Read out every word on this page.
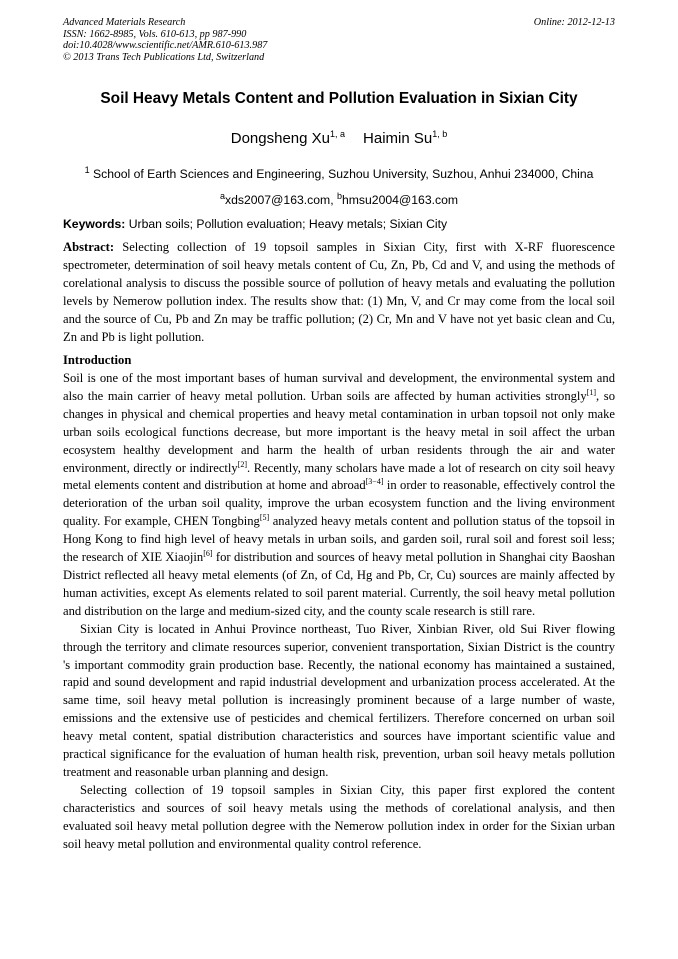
Advanced Materials Research
ISSN: 1662-8985, Vols. 610-613, pp 987-990
doi:10.4028/www.scientific.net/AMR.610-613.987
© 2013 Trans Tech Publications Ltd, Switzerland
Online: 2012-12-13
Soil Heavy Metals Content and Pollution Evaluation in Sixian City
Dongsheng Xu$^{1, a}$ Haimin Su$^{1, b}$
$^1$ School of Earth Sciences and Engineering, Suzhou University, Suzhou, Anhui 234000, China
$^a$xds2007@163.com, $^b$hmsu2004@163.com
Keywords: Urban soils; Pollution evaluation; Heavy metals; Sixian City
Abstract: Selecting collection of 19 topsoil samples in Sixian City, first with X-RF fluorescence spectrometer, determination of soil heavy metals content of Cu, Zn, Pb, Cd and V, and using the methods of corelational analysis to discuss the possible source of pollution of heavy metals and evaluating the pollution levels by Nemerow pollution index. The results show that: (1) Mn, V, and Cr may come from the local soil and the source of Cu, Pb and Zn may be traffic pollution; (2) Cr, Mn and V have not yet basic clean and Cu, Zn and Pb is light pollution.
Introduction

Soil is one of the most important bases of human survival and development, the environmental system and also the main carrier of heavy metal pollution. Urban soils are affected by human activities strongly[1], so changes in physical and chemical properties and heavy metal contamination in urban topsoil not only make urban soils ecological functions decrease, but more important is the heavy metal in soil affect the urban ecosystem healthy development and harm the health of urban residents through the air and water environment, directly or indirectly[2]. Recently, many scholars have made a lot of research on city soil heavy metal elements content and distribution at home and abroad[3−4] in order to reasonable, effectively control the deterioration of the urban soil quality, improve the urban ecosystem function and the living environment quality. For example, CHEN Tongbing[5] analyzed heavy metals content and pollution status of the topsoil in Hong Kong to find high level of heavy metals in urban soils, and garden soil, rural soil and forest soil less; the research of XIE Xiaojin[6] for distribution and sources of heavy metal pollution in Shanghai city Baoshan District reflected all heavy metal elements (of Zn, of Cd, Hg and Pb, Cr, Cu) sources are mainly affected by human activities, except As elements related to soil parent material. Currently, the soil heavy metal pollution and distribution on the large and medium-sized city, and the county scale research is still rare.

Sixian City is located in Anhui Province northeast, Tuo River, Xinbian River, old Sui River flowing through the territory and climate resources superior, convenient transportation, Sixian District is the country 's important commodity grain production base. Recently, the national economy has maintained a sustained, rapid and sound development and rapid industrial development and urbanization process accelerated. At the same time, soil heavy metal pollution is increasingly prominent because of a large number of waste, emissions and the extensive use of pesticides and chemical fertilizers. Therefore concerned on urban soil heavy metal content, spatial distribution characteristics and sources have important scientific value and practical significance for the evaluation of human health risk, prevention, urban soil heavy metals pollution treatment and reasonable urban planning and design.

Selecting collection of 19 topsoil samples in Sixian City, this paper first explored the content characteristics and sources of soil heavy metals using the methods of corelational analysis, and then evaluated soil heavy metal pollution degree with the Nemerow pollution index in order for the Sixian urban soil heavy metal pollution and environmental quality control reference.
